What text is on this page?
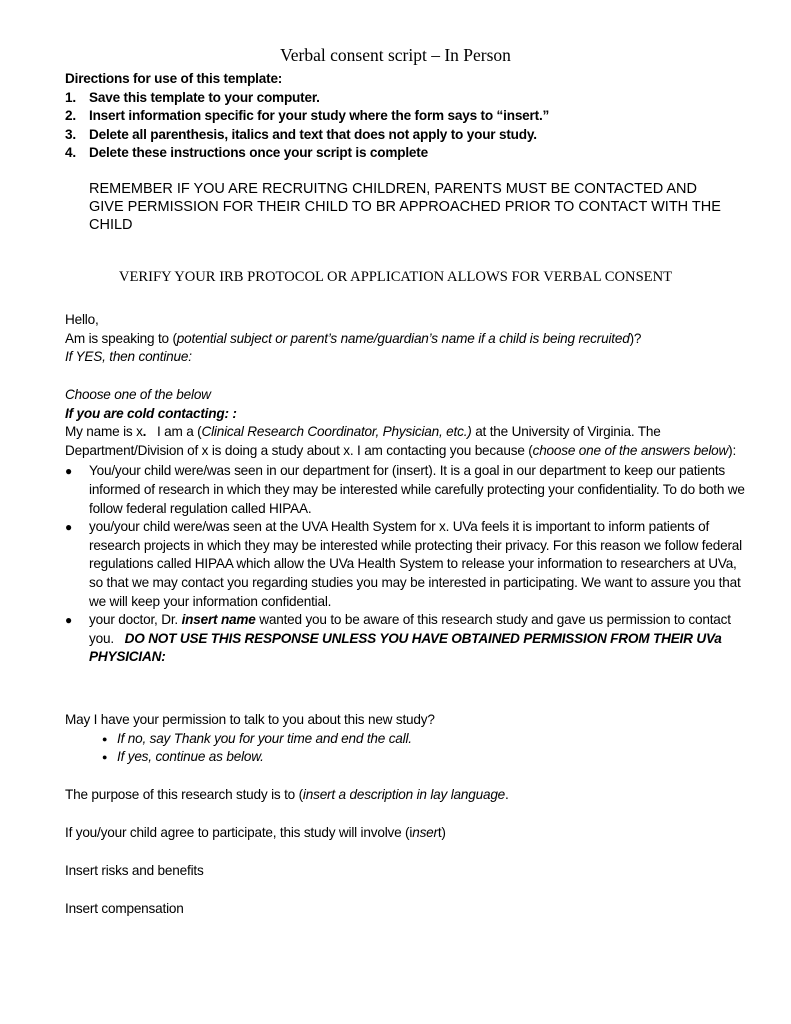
Verbal consent script – In Person
Directions for use of this template:
1. Save this template to your computer.
2. Insert information specific for your study where the form says to “insert.”
3. Delete all parenthesis, italics and text that does not apply to your study.
4. Delete these instructions once your script is complete
REMEMBER IF YOU ARE RECRUITNG CHILDREN, PARENTS MUST BE CONTACTED AND
GIVE PERMISSION FOR THEIR CHILD TO BR APPROACHED PRIOR TO CONTACT WITH THE CHILD
VERIFY YOUR IRB PROTOCOL OR APPLICATION ALLOWS FOR VERBAL CONSENT
Hello,
Am is speaking to (potential subject or parent’s name/guardian’s name if a child is being recruited)?
If YES, then continue:
Choose one of the below
If you are cold contacting: :
My name is x.   I am a (Clinical Research Coordinator, Physician, etc.) at the University of Virginia. The Department/Division of x is doing a study about x. I am contacting you because (choose one of the answers below):
● You/your child were/was seen in our department for (insert). It is a goal in our department to keep our patients informed of research in which they may be interested while carefully protecting your confidentiality. To do both we follow federal regulation called HIPAA.
● you/your child were/was seen at the UVA Health System for x. UVa feels it is important to inform patients of research projects in which they may be interested while protecting their privacy. For this reason we follow federal regulations called HIPAA which allow the UVa Health System to release your information to researchers at UVa, so that we may contact you regarding studies you may be interested in participating. We want to assure you that we will keep your information confidential.
● your doctor, Dr. insert name wanted you to be aware of this research study and gave us permission to contact you.   DO NOT USE THIS RESPONSE UNLESS YOU HAVE OBTAINED PERMISSION FROM THEIR UVa PHYSICIAN:
May I have your permission to talk to you about this new study?
● If no, say Thank you for your time and end the call.
● If yes, continue as below.
The purpose of this research study is to (insert a description in lay language.
If you/your child agree to participate, this study will involve (insert)
Insert risks and benefits
Insert compensation
